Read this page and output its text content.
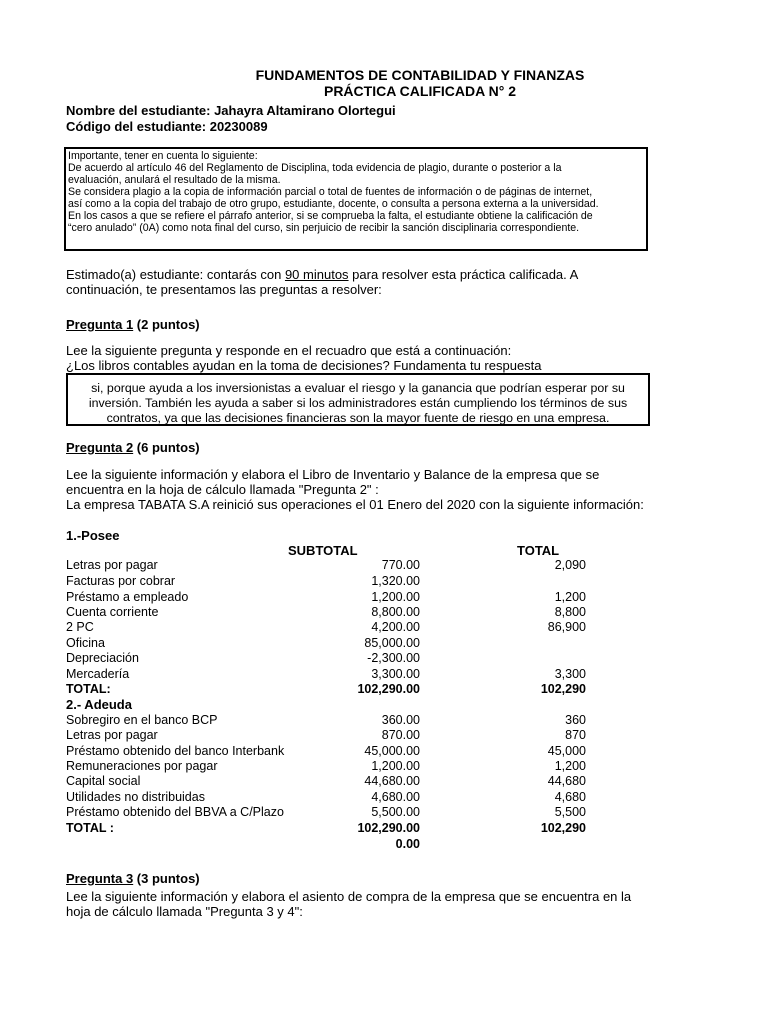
FUNDAMENTOS DE CONTABILIDAD Y FINANZAS
PRÁCTICA CALIFICADA N° 2
Nombre del estudiante: Jahayra Altamirano Olortegui
Código del estudiante: 20230089
Importante, tener en cuenta lo siguiente:
De acuerdo al artículo 46 del Reglamento de Disciplina, toda evidencia de plagio, durante o posterior a la
evaluación, anulará el resultado de la misma.
Se considera plagio a la copia de información parcial o total de fuentes de información o de páginas de internet,
así como a la copia del trabajo de otro grupo, estudiante, docente, o consulta a persona externa a la universidad.
En los casos a que se refiere el párrafo anterior, si se comprueba la falta, el estudiante obtiene la calificación de
“cero anulado” (0A) como nota final del curso, sin perjuicio de recibir la sanción disciplinaria correspondiente.
Estimado(a) estudiante: contarás con 90 minutos para resolver esta práctica calificada. A
continuación, te presentamos las preguntas a resolver:
Pregunta 1 (2 puntos)
Lee la siguiente pregunta y responde en el recuadro que está a continuación:
¿Los libros contables ayudan en la toma de decisiones? Fundamenta tu respuesta
si, porque ayuda a los inversionistas a evaluar el riesgo y la ganancia que podrían esperar por su
inversión. También les ayuda a saber si los administradores están cumpliendo los términos de sus
contratos, ya que las decisiones financieras son la mayor fuente de riesgo en una empresa.
Pregunta 2 (6 puntos)
Lee la siguiente información y elabora el Libro de Inventario y Balance de la empresa que se
encuentra en la hoja de cálculo llamada "Pregunta 2" :
La empresa TABATA S.A reinició sus operaciones el 01 Enero del 2020 con la siguiente información:
1.-Posee
SUBTOTAL	TOTAL
Letras por pagar	770.00	2,090
Facturas por cobrar	1,320.00
Préstamo a empleado	1,200.00	1,200
Cuenta corriente	8,800.00	8,800
2 PC	4,200.00	86,900
Oficina	85,000.00
Depreciación	-2,300.00
Mercadería	3,300.00	3,300
TOTAL:	102,290.00	102,290
2.- Adeuda
Sobregiro en el banco BCP	360.00	360
Letras por pagar	870.00	870
Préstamo obtenido del banco Interbank	45,000.00	45,000
Remuneraciones por pagar	1,200.00	1,200
Capital social	44,680.00	44,680
Utilidades no distribuidas	4,680.00	4,680
Préstamo obtenido del BBVA a C/Plazo	5,500.00	5,500
TOTAL :	102,290.00	102,290
0.00
Pregunta 3 (3 puntos)
Lee la siguiente información y elabora el asiento de compra de la empresa que se encuentra en la
hoja de cálculo llamada "Pregunta 3 y 4":
